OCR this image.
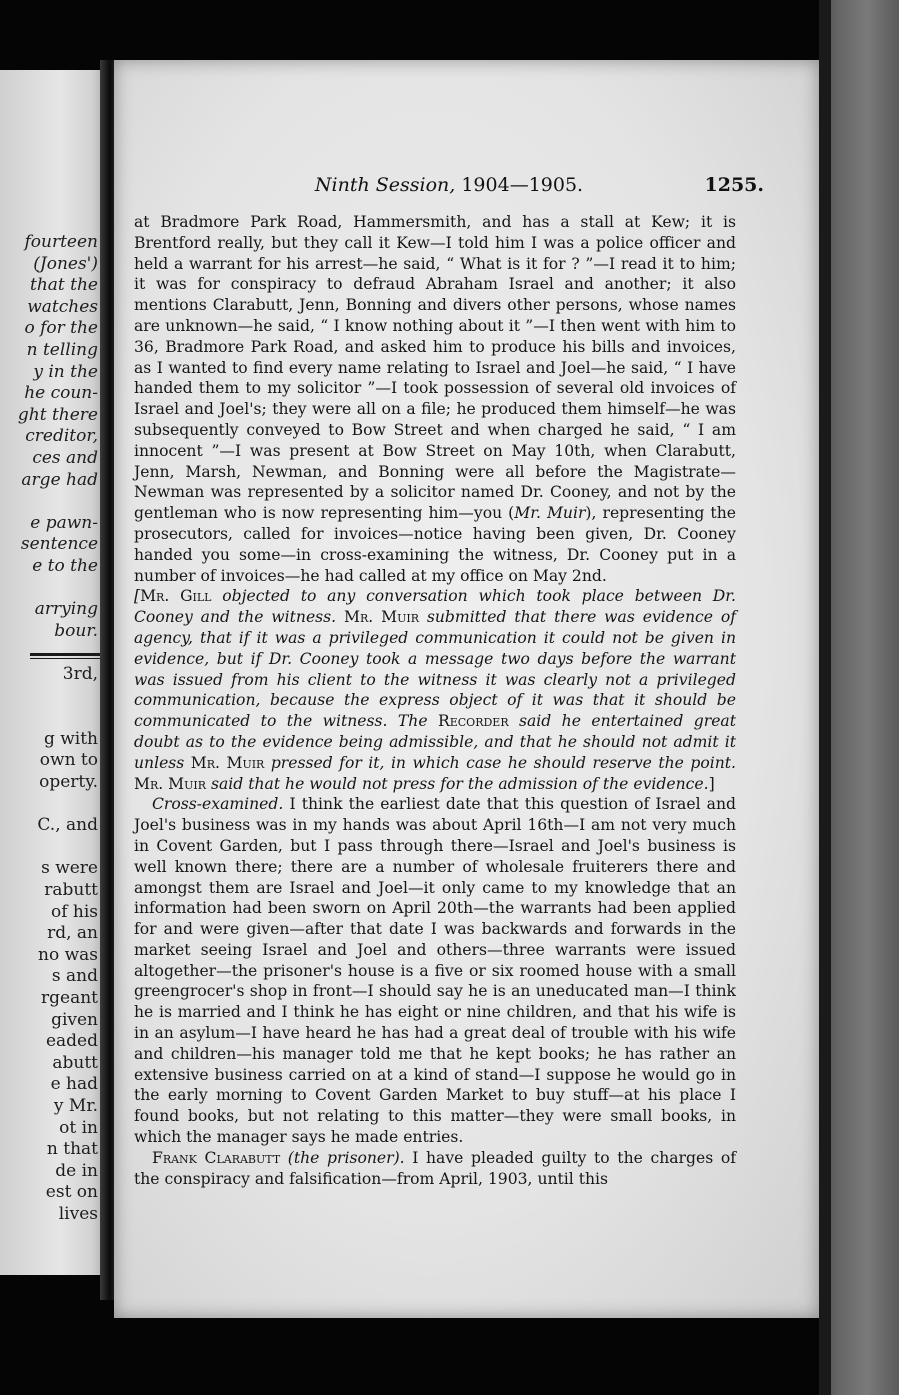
fourteen
(Jones')
that the
watches
o for the
n telling
y in the
he coun-
ght there
creditor,
ces and
arge had
e pawn-
sentence
e to the
arrying
bour.
3rd,
g with
own to
operty.
C., and
s were
rabutt
of his
rd, an
no was
s and
rgeant
given
eaded
abutt
e had
y Mr.
ot in
n that
de in
est on
lives
Ninth Session, 1904—1905.	1255.

at Bradmore Park Road, Hammersmith, and has a stall at Kew; it is Brentford really, but they call it Kew—I told him I was a police officer and held a warrant for his arrest—he said, “ What is it for ? ”—I read it to him; it was for conspiracy to defraud Abraham Israel and another; it also mentions Clarabutt, Jenn, Bonning and divers other persons, whose names are unknown—he said, “ I know nothing about it ”—I then went with him to 36, Bradmore Park Road, and asked him to produce his bills and invoices, as I wanted to find every name relating to Israel and Joel—he said, “ I have handed them to my solicitor ”—I took possession of several old invoices of Israel and Joel's; they were all on a file; he produced them himself—he was subsequently conveyed to Bow Street and when charged he said, “ I am innocent ”—I was present at Bow Street on May 10th, when Clarabutt, Jenn, Marsh, Newman, and Bonning were all before the Magistrate—Newman was represented by a solicitor named Dr. Cooney, and not by the gentleman who is now representing him—you (Mr. Muir), representing the prosecutors, called for invoices—notice having been given, Dr. Cooney handed you some—in cross-examining the witness, Dr. Cooney put in a number of invoices—he had called at my office on May 2nd.

[Mr. Gill objected to any conversation which took place between Dr. Cooney and the witness. Mr. Muir submitted that there was evidence of agency, that if it was a privileged communication it could not be given in evidence, but if Dr. Cooney took a message two days before the warrant was issued from his client to the witness it was clearly not a privileged communication, because the express object of it was that it should be communicated to the witness. The Recorder said he entertained great doubt as to the evidence being admissible, and that he should not admit it unless Mr. Muir pressed for it, in which case he should reserve the point. Mr. Muir said that he would not press for the admission of the evidence.]

Cross-examined. I think the earliest date that this question of Israel and Joel's business was in my hands was about April 16th—I am not very much in Covent Garden, but I pass through there—Israel and Joel's business is well known there; there are a number of wholesale fruiterers there and amongst them are Israel and Joel—it only came to my knowledge that an information had been sworn on April 20th—the warrants had been applied for and were given—after that date I was backwards and forwards in the market seeing Israel and Joel and others—three warrants were issued altogether—the prisoner's house is a five or six roomed house with a small greengrocer's shop in front—I should say he is an uneducated man—I think he is married and I think he has eight or nine children, and that his wife is in an asylum—I have heard he has had a great deal of trouble with his wife and children—his manager told me that he kept books; he has rather an extensive business carried on at a kind of stand—I suppose he would go in the early morning to Covent Garden Market to buy stuff—at his place I found books, but not relating to this matter—they were small books, in which the manager says he made entries.

Frank Clarabutt (the prisoner). I have pleaded guilty to the charges of the conspiracy and falsification—from April, 1903, until this
